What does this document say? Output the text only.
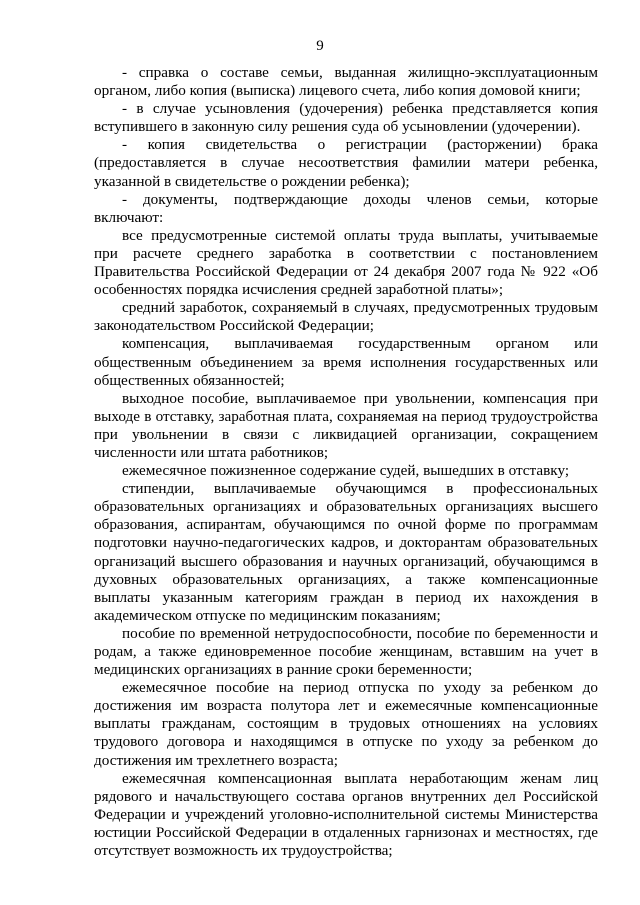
9

- справка о составе семьи, выданная жилищно-эксплуатационным органом, либо копия (выписка) лицевого счета, либо копия домовой книги;

- в случае усыновления (удочерения) ребенка представляется копия вступившего в законную силу решения суда об усыновлении (удочерении).

- копия свидетельства о регистрации (расторжении) брака (предоставляется в случае несоответствия фамилии матери ребенка, указанной в свидетельстве о рождении ребенка);

- документы, подтверждающие доходы членов семьи, которые включают:

все предусмотренные системой оплаты труда выплаты, учитываемые при расчете среднего заработка в соответствии с постановлением Правительства Российской Федерации от 24 декабря 2007 года № 922 «Об особенностях порядка исчисления средней заработной платы»;

средний заработок, сохраняемый в случаях, предусмотренных трудовым законодательством Российской Федерации;

компенсация, выплачиваемая государственным органом или общественным объединением за время исполнения государственных или общественных обязанностей;

выходное пособие, выплачиваемое при увольнении, компенсация при выходе в отставку, заработная плата, сохраняемая на период трудоустройства при увольнении в связи с ликвидацией организации, сокращением численности или штата работников;

ежемесячное пожизненное содержание судей, вышедших в отставку;

стипендии, выплачиваемые обучающимся в профессиональных образовательных организациях и образовательных организациях высшего образования, аспирантам, обучающимся по очной форме по программам подготовки научно-педагогических кадров, и докторантам образовательных организаций высшего образования и научных организаций, обучающимся в духовных образовательных организациях, а также компенсационные выплаты указанным категориям граждан в период их нахождения в академическом отпуске по медицинским показаниям;

пособие по временной нетрудоспособности, пособие по беременности и родам, а также единовременное пособие женщинам, вставшим на учет в медицинских организациях в ранние сроки беременности;

ежемесячное пособие на период отпуска по уходу за ребенком до достижения им возраста полутора лет и ежемесячные компенсационные выплаты гражданам, состоящим в трудовых отношениях на условиях трудового договора и находящимся в отпуске по уходу за ребенком до достижения им трехлетнего возраста;

ежемесячная компенсационная выплата неработающим женам лиц рядового и начальствующего состава органов внутренних дел Российской Федерации и учреждений уголовно-исполнительной системы Министерства юстиции Российской Федерации в отдаленных гарнизонах и местностях, где отсутствует возможность их трудоустройства;
